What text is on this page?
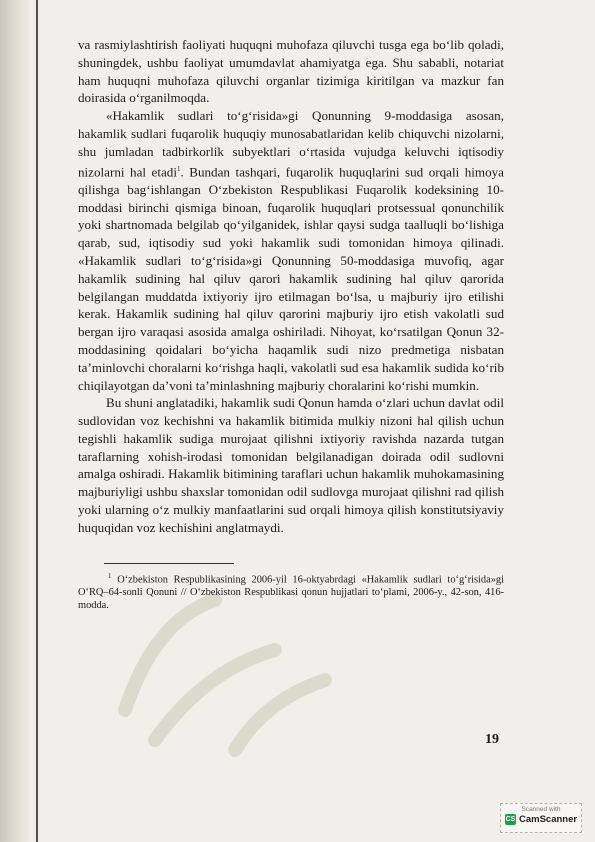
va rasmiylashtirish faoliyati huquqni muhofaza qiluvchi tusga ega bo‘lib qoladi, shuningdek, ushbu faoliyat umumdavlat ahamiyatga ega. Shu sababli, notariat ham huquqni muhofaza qiluvchi organlar tizimiga kiritilgan va mazkur fan doirasida o‘rganilmoqda.

«Hakamlik sudlari to‘g‘risida»gi Qonunning 9-moddasiga asosan, hakamlik sudlari fuqarolik huquqiy munosabatlaridan kelib chiquvchi nizolarni, shu jumladan tadbirkorlik subyektlari o‘rtasida vujudga keluvchi iqtisodiy nizolarni hal etadi$^1$. Bundan tashqari, fuqarolik huquqlarini sud orqali himoya qilishga bag‘ishlangan O‘zbekiston Respublikasi Fuqarolik kodeksining 10-moddasi birinchi qismiga binoan, fuqarolik huquqlari protsessual qonunchilik yoki shartnomada belgilab qo‘yilganidek, ishlar qaysi sudga taalluqli bo‘lishiga qarab, sud, iqtisodiy sud yoki hakamlik sudi tomonidan himoya qilinadi. «Hakamlik sudlari to‘g‘risida»gi Qonunning 50-moddasiga muvofiq, agar hakamlik sudining hal qiluv qarori hakamlik sudining hal qiluv qarorida belgilangan muddatda ixtiyoriy ijro etilmagan bo‘lsa, u majburiy ijro etilishi kerak. Hakamlik sudining hal qiluv qarorini majburiy ijro etish vakolatli sud bergan ijro varaqasi asosida amalga oshiriladi. Nihoyat, ko‘rsatilgan Qonun 32-moddasining qoidalari bo‘yicha haqamlik sudi nizo predmetiga nisbatan ta’minlovchi choralarni ko‘rishga haqli, vakolatli sud esa hakamlik sudida ko‘rib chiqilayotgan da’voni ta’minlashning majburiy choralarini ko‘rishi mumkin.

Bu shuni anglatadiki, hakamlik sudi Qonun hamda o‘zlari uchun davlat odil sudlovidan voz kechishni va hakamlik bitimida mulkiy nizoni hal qilish uchun tegishli hakamlik sudiga murojaat qilishni ixtiyoriy ravishda nazarda tutgan taraflarning xohish-irodasi tomonidan belgilanadigan doirada odil sudlovni amalga oshiradi. Hakamlik bitimining taraflari uchun hakamlik muhokamasining majburiyligi ushbu shaxslar tomonidan odil sudlovga murojaat qilishni rad qilish yoki ularning o‘z mulkiy manfaatlarini sud orqali himoya qilish konstitutsiyaviy huquqidan voz kechishini anglatmaydi.

$^1$ O‘zbekiston Respublikasining 2006-yil 16-oktyabrdagi «Hakamlik sudlari to‘g‘risida»gi O‘RQ–64-sonli Qonuni // O‘zbekiston Respublikasi qonun hujjatlari to‘plami, 2006-y., 42-son, 416-modda.

19
Scanned with
CS CamScanner
